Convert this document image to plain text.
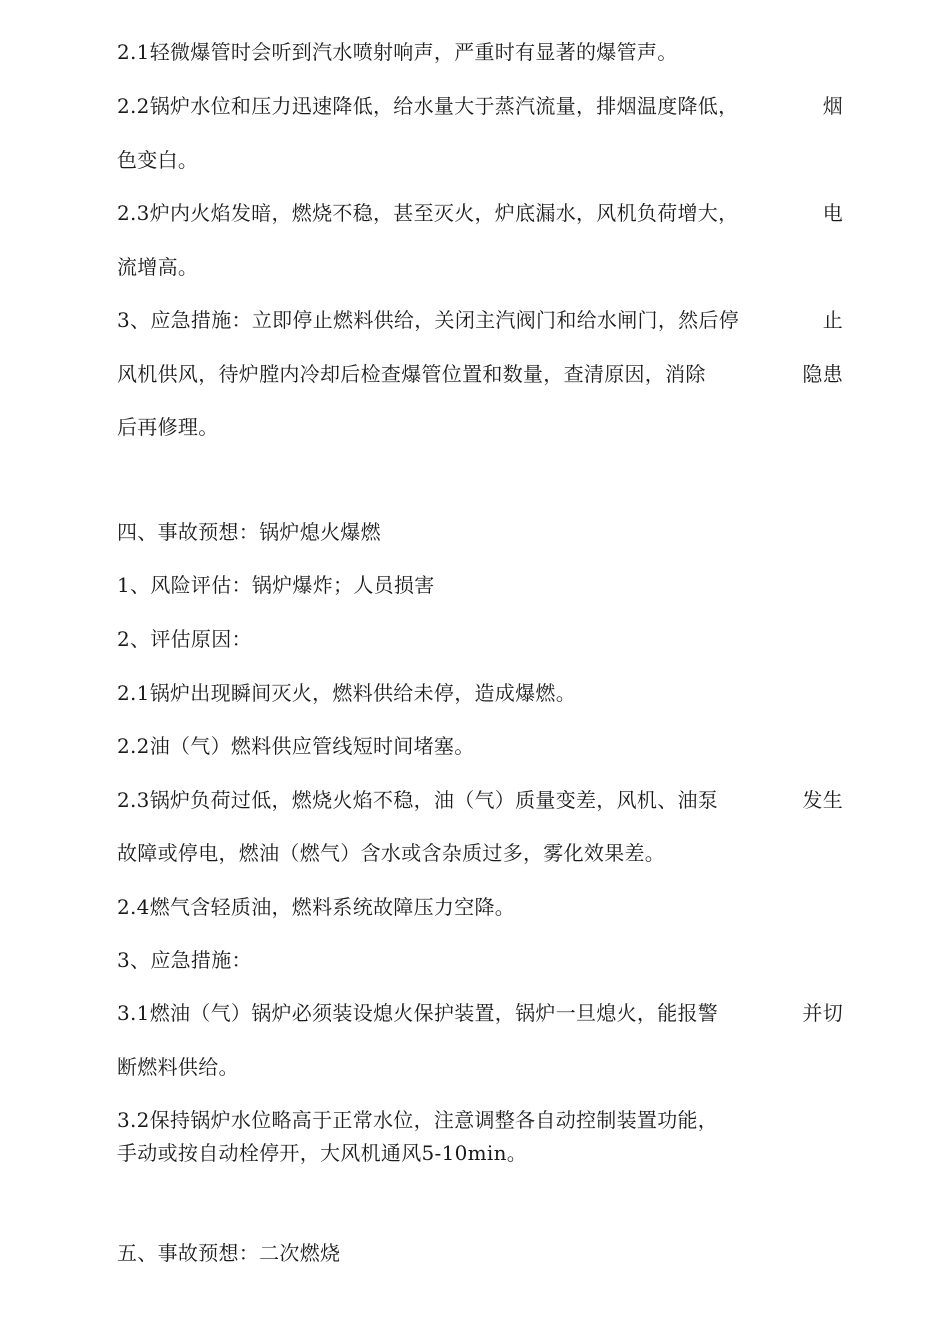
2.1轻微爆管时会听到汽水喷射响声，严重时有显著的爆管声。
2.2锅炉水位和压力迅速降低，给水量大于蒸汽流量，排烟温度降低，	烟
色变白。
2.3炉内火焰发暗，燃烧不稳，甚至灭火，炉底漏水，风机负荷增大，	电
流增高。
3、应急措施：立即停止燃料供给，关闭主汽阀门和给水闸门，然后停	止
风机供风，待炉膛内冷却后检查爆管位置和数量，查清原因，消除	隐患
后再修理。
四、事故预想：锅炉熄火爆燃
1、风险评估：锅炉爆炸；人员损害
2、评估原因：
2.1锅炉出现瞬间灭火，燃料供给未停，造成爆燃。
2.2油（气）燃料供应管线短时间堵塞。
2.3锅炉负荷过低，燃烧火焰不稳，油（气）质量变差，风机、油泵	发生
故障或停电，燃油（燃气）含水或含杂质过多，雾化效果差。
2.4燃气含轻质油，燃料系统故障压力空降。
3、应急措施：
3.1燃油（气）锅炉必须装设熄火保护装置，锅炉一旦熄火，能报警	并切
断燃料供给。
3.2保持锅炉水位略高于正常水位，注意调整各自动控制装置功能，
手动或按自动栓停开，大风机通风5-10min。
五、事故预想：二次燃烧
